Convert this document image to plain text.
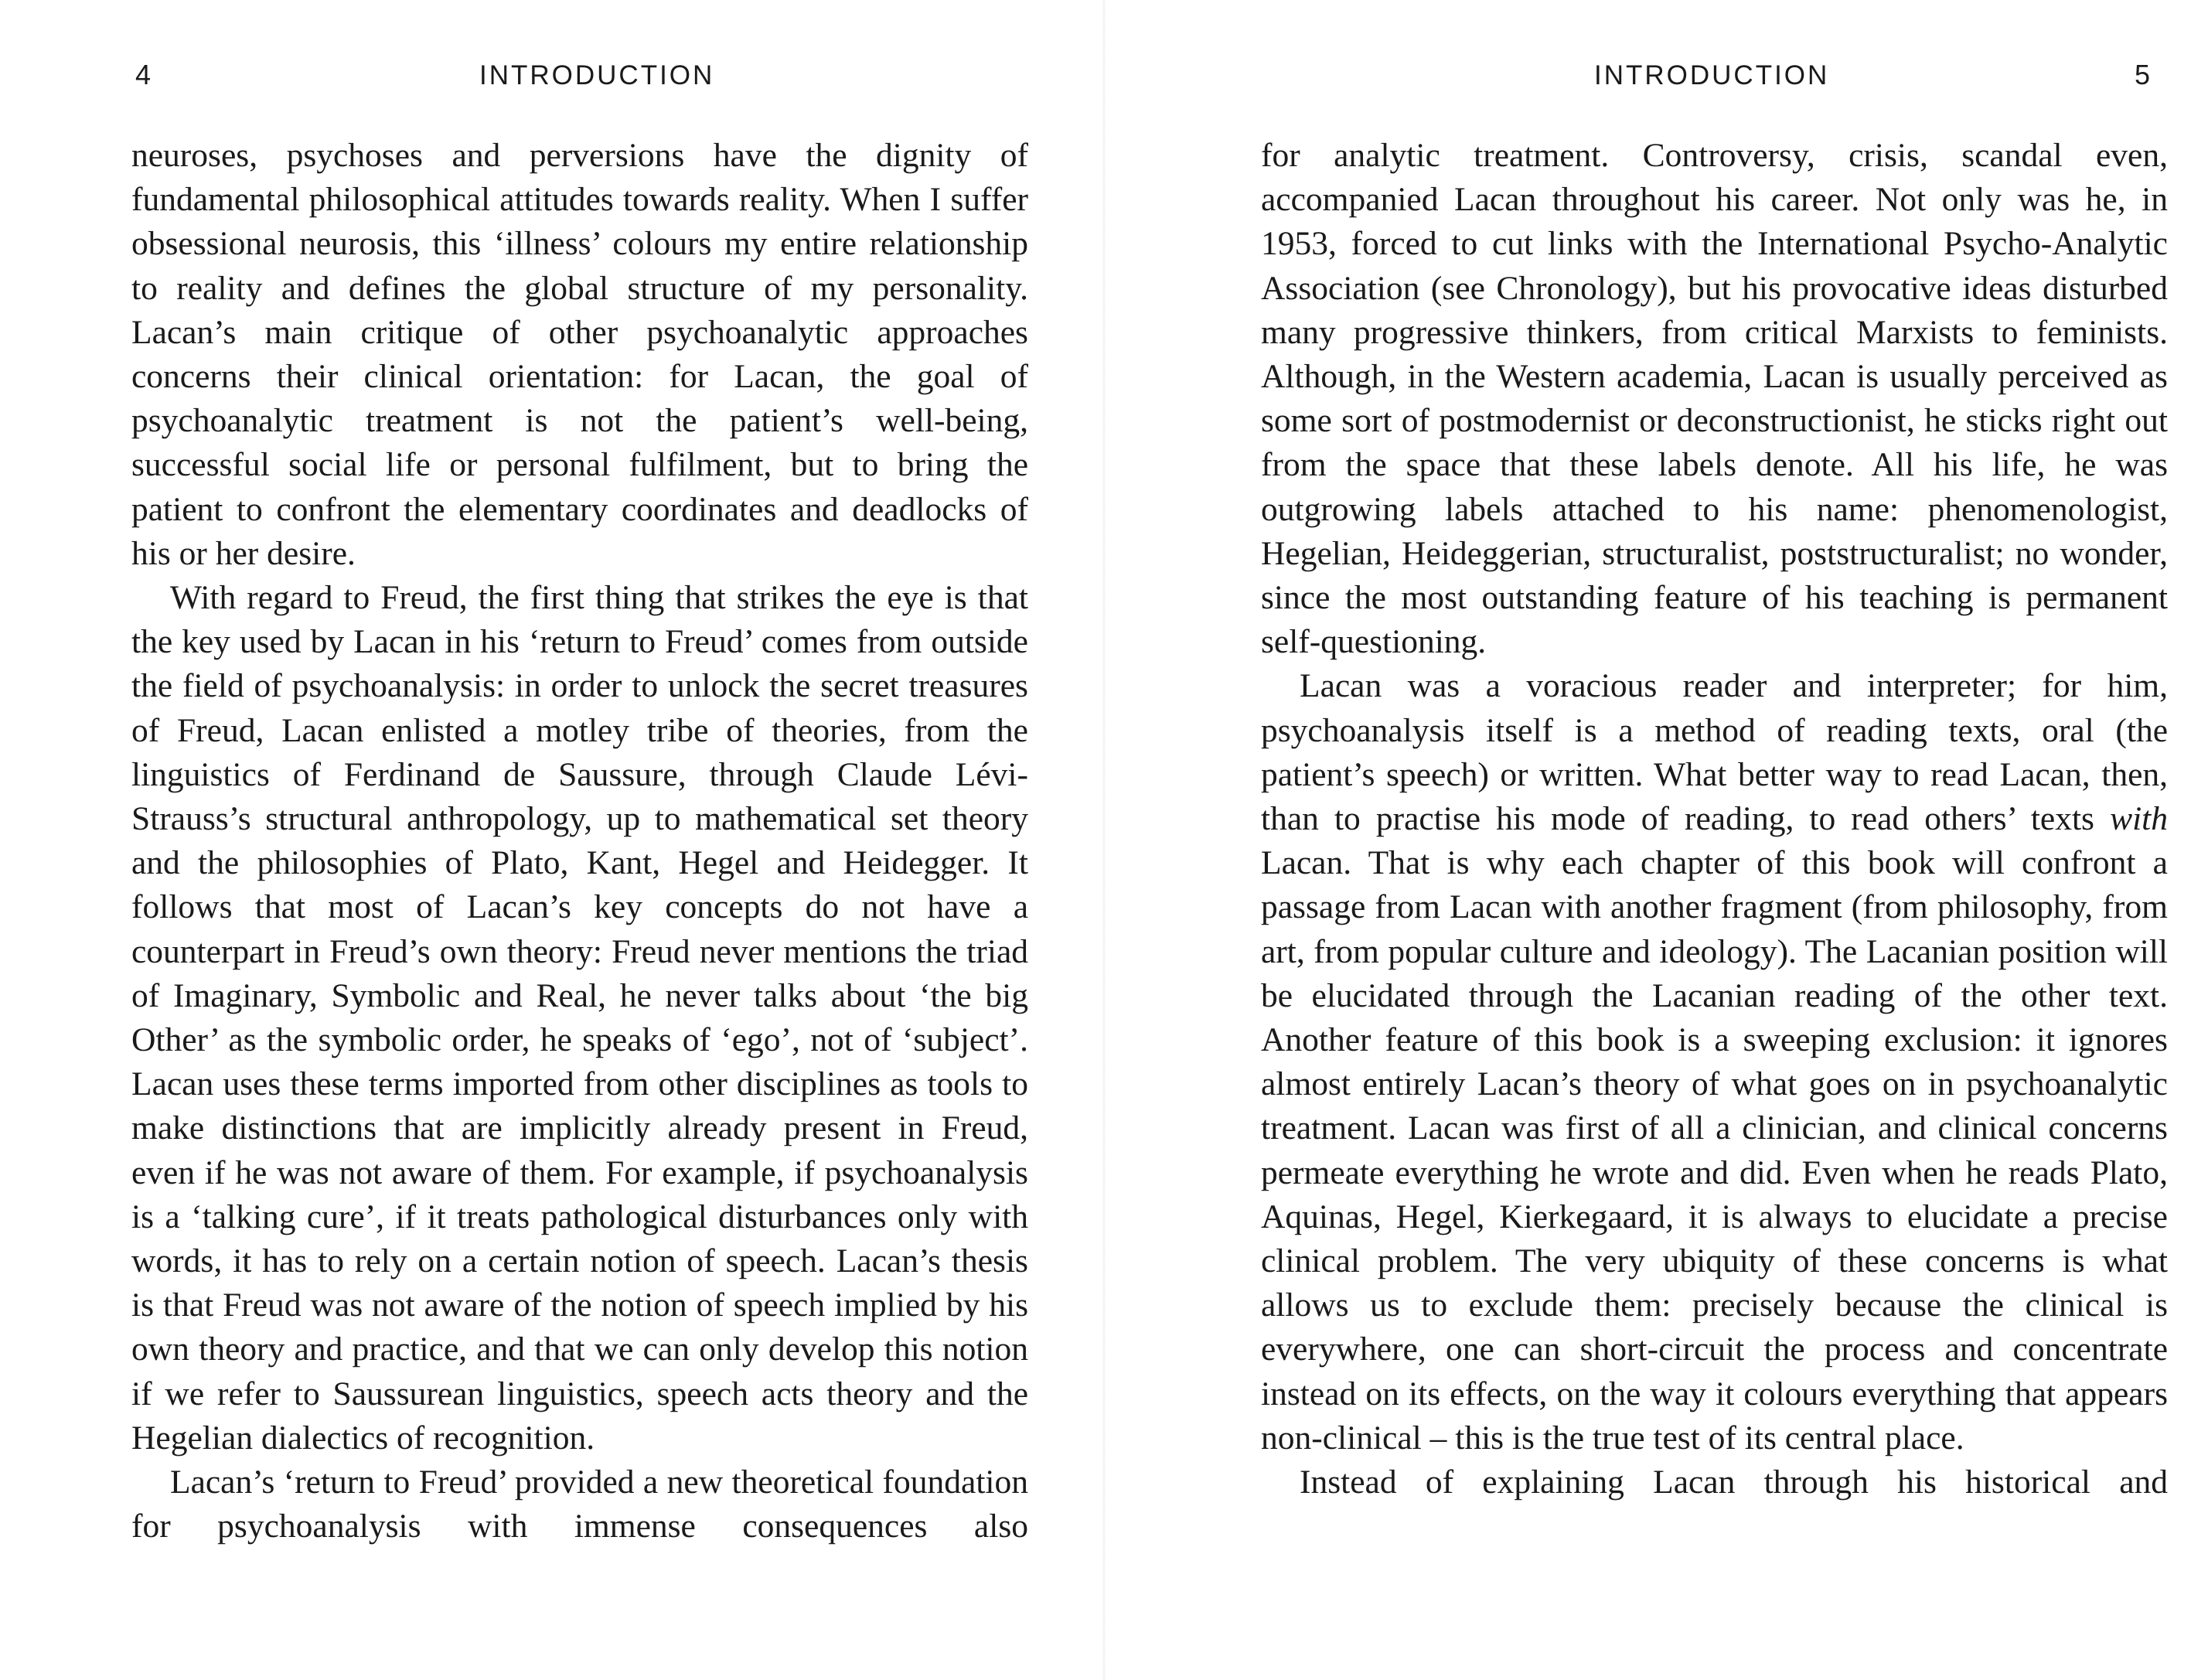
4	INTRODUCTION

neuroses, psychoses and perversions have the dignity of fundamental philosophical attitudes towards reality. When I suffer obsessional neurosis, this ‘illness’ colours my entire relationship to reality and defines the global structure of my personality. Lacan’s main critique of other psychoanalytic approaches concerns their clinical orientation: for Lacan, the goal of psychoanalytic treatment is not the patient’s well-being, successful social life or personal fulfilment, but to bring the patient to confront the elementary coordinates and deadlocks of his or her desire.

With regard to Freud, the first thing that strikes the eye is that the key used by Lacan in his ‘return to Freud’ comes from outside the field of psychoanalysis: in order to unlock the secret treasures of Freud, Lacan enlisted a motley tribe of theories, from the linguistics of Ferdinand de Saussure, through Claude Lévi-Strauss’s structural anthropology, up to mathematical set theory and the philosophies of Plato, Kant, Hegel and Heidegger. It follows that most of Lacan’s key concepts do not have a counterpart in Freud’s own theory: Freud never mentions the triad of Imaginary, Symbolic and Real, he never talks about ‘the big Other’ as the symbolic order, he speaks of ‘ego’, not of ‘subject’. Lacan uses these terms imported from other disciplines as tools to make distinctions that are implicitly already present in Freud, even if he was not aware of them. For example, if psychoanalysis is a ‘talking cure’, if it treats pathological disturbances only with words, it has to rely on a certain notion of speech. Lacan’s thesis is that Freud was not aware of the notion of speech implied by his own theory and practice, and that we can only develop this notion if we refer to Saussurean linguistics, speech acts theory and the Hegelian dialectics of recognition.

Lacan’s ‘return to Freud’ provided a new theoretical foundation for psychoanalysis with immense consequences also

INTRODUCTION	5

for analytic treatment. Controversy, crisis, scandal even, accompanied Lacan throughout his career. Not only was he, in 1953, forced to cut links with the International Psycho-Analytic Association (see Chronology), but his provocative ideas disturbed many progressive thinkers, from critical Marxists to feminists. Although, in the Western academia, Lacan is usually perceived as some sort of postmodernist or deconstructionist, he sticks right out from the space that these labels denote. All his life, he was outgrowing labels attached to his name: phenomenologist, Hegelian, Heideggerian, structuralist, poststructuralist; no wonder, since the most outstanding feature of his teaching is permanent self-questioning.

Lacan was a voracious reader and interpreter; for him, psychoanalysis itself is a method of reading texts, oral (the patient’s speech) or written. What better way to read Lacan, then, than to practise his mode of reading, to read others’ texts with Lacan. That is why each chapter of this book will confront a passage from Lacan with another fragment (from philosophy, from art, from popular culture and ideology). The Lacanian position will be elucidated through the Lacanian reading of the other text. Another feature of this book is a sweeping exclusion: it ignores almost entirely Lacan’s theory of what goes on in psychoanalytic treatment. Lacan was first of all a clinician, and clinical concerns permeate everything he wrote and did. Even when he reads Plato, Aquinas, Hegel, Kierkegaard, it is always to elucidate a precise clinical problem. The very ubiquity of these concerns is what allows us to exclude them: precisely because the clinical is everywhere, one can short-circuit the process and concentrate instead on its effects, on the way it colours everything that appears non-clinical – this is the true test of its central place.

Instead of explaining Lacan through his historical and
